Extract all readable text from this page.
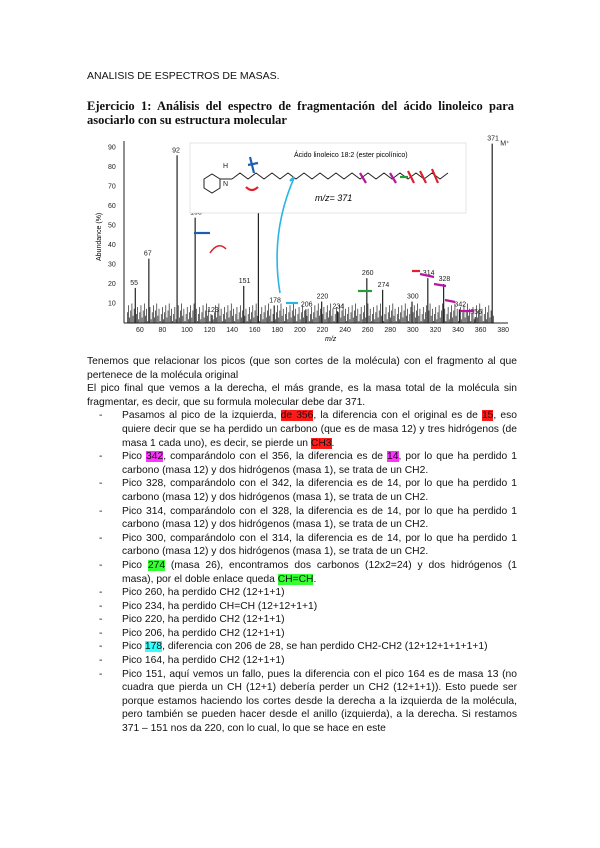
ANALISIS DE ESPECTROS DE MASAS.
Ejercicio 1: Análisis del espectro de fragmentación del ácido linoleico para asociarlo con su estructura molecular
10
20
30
40
50
60
70
80
90
60 80 100 120 140 160 180 200 220 240 260 280 300 320 340 360 380
Abundance (%)
m/z
55
67
92
123
151
178
206
220
234
260
274
300
314
328
342
356
371
M⁺
Ácido linoleico 18:2 (ester picolínico)
m/z= 371
H
N

Tenemos que relacionar los picos (que son cortes de la molécula) con el fragmento al que pertenece de la molécula original

El pico final que vemos a la derecha, el más grande, es la masa total de la molécula sin fragmentar, es decir, que su formula molecular debe dar 371.

- Pasamos al pico de la izquierda, de 356, la diferencia con el original es de 15, eso quiere decir que se ha perdido un carbono (que es de masa 12) y tres hidrógenos (de masa 1 cada uno), es decir, se pierde un CH3.
- Pico 342, comparándolo con el 356, la diferencia es de 14, por lo que ha perdido 1 carbono (masa 12) y dos hidrógenos (masa 1), se trata de un CH2.
- Pico 328, comparándolo con el 342, la diferencia es de 14, por lo que ha perdido 1 carbono (masa 12) y dos hidrógenos (masa 1), se trata de un CH2.
- Pico 314, comparándolo con el 328, la diferencia es de 14, por lo que ha perdido 1 carbono (masa 12) y dos hidrógenos (masa 1), se trata de un CH2.
- Pico 300, comparándolo con el 314, la diferencia es de 14, por lo que ha perdido 1 carbono (masa 12) y dos hidrógenos (masa 1), se trata de un CH2.
- Pico 274 (masa 26), encontramos dos carbonos (12x2=24) y dos hidrógenos (1 masa), por el doble enlace queda CH=CH.
- Pico 260, ha perdido CH2 (12+1+1)
- Pico 234, ha perdido CH=CH (12+12+1+1)
- Pico 220, ha perdido CH2 (12+1+1)
- Pico 206, ha perdido CH2 (12+1+1)
- Pico 178, diferencia con 206 de 28, se han perdido CH2-CH2 (12+12+1+1+1+1)
- Pico 164, ha perdido CH2 (12+1+1)
- Pico 151, aquí vemos un fallo, pues la diferencia con el pico 164 es de masa 13 (no cuadra que pierda un CH (12+1) debería perder un CH2 (12+1+1)). Esto puede ser porque estamos haciendo los cortes desde la derecha a la izquierda de la molécula, pero también se pueden hacer desde el anillo (izquierda), a la derecha. Si restamos 371 – 151 nos da 220, con lo cual, lo que se hace en este
